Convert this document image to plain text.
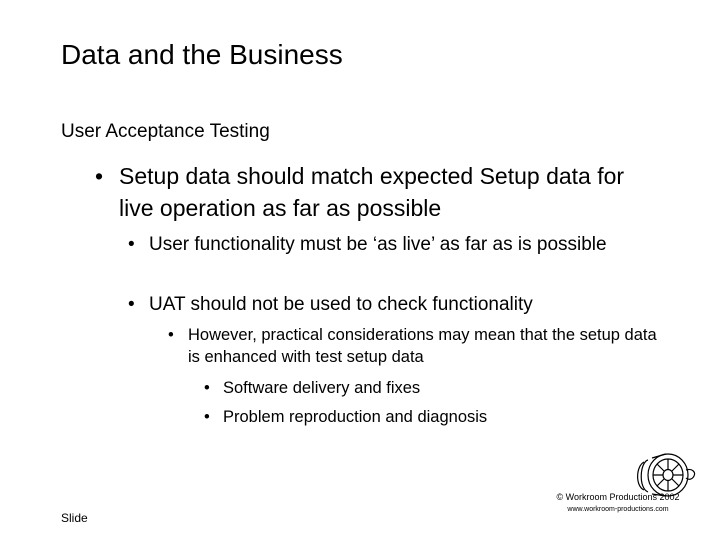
Data and the Business
User Acceptance Testing
• Setup data should match expected Setup data for live operation as far as possible
• User functionality must be ‘as live’ as far as is possible
• UAT should not be used to check functionality
• However, practical considerations may mean that the setup data is enhanced with test setup data
• Software delivery and fixes
• Problem reproduction and diagnosis
Slide
© Workroom Productions 2002
www.workroom-productions.com
